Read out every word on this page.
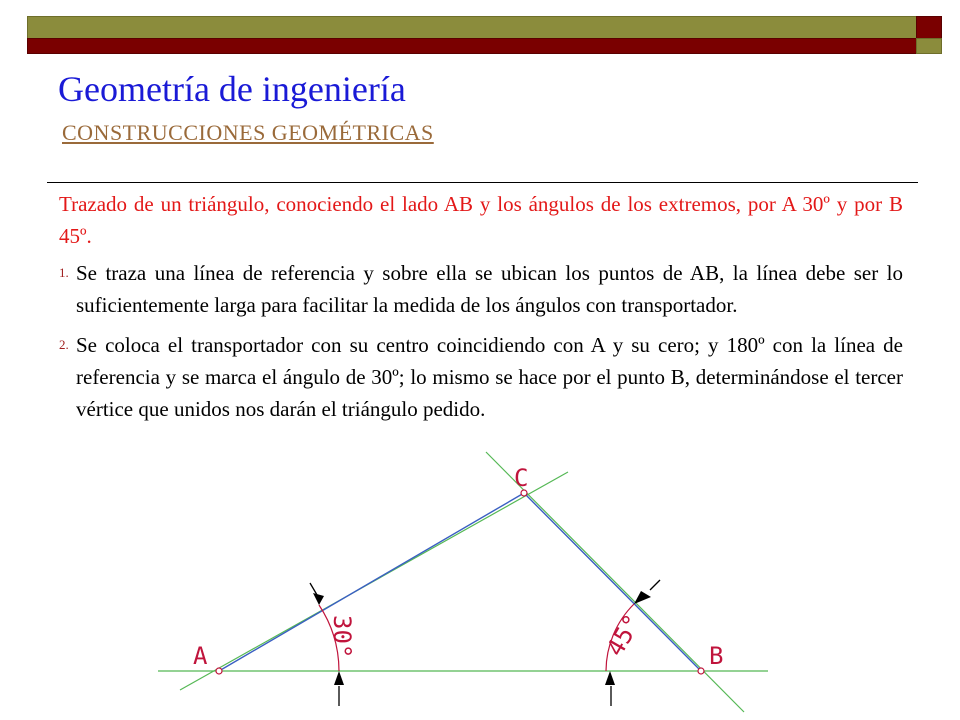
Geometría de ingeniería
CONSTRUCCIONES GEOMÉTRICAS

Trazado de un triángulo, conociendo el lado AB y los ángulos de los extremos, por A 30º y por B 45º.

1. Se traza una línea de referencia y sobre ella se ubican los puntos de AB, la línea debe ser lo suficientemente larga para facilitar la medida de los ángulos con transportador.
2. Se coloca el transportador con su centro coincidiendo con A y su cero; y 180º con la línea de referencia y se marca el ángulo de 30º; lo mismo se hace por el punto B, determinándose el tercer vértice que unidos nos darán el triángulo pedido.
A	B
C
30°	45°
